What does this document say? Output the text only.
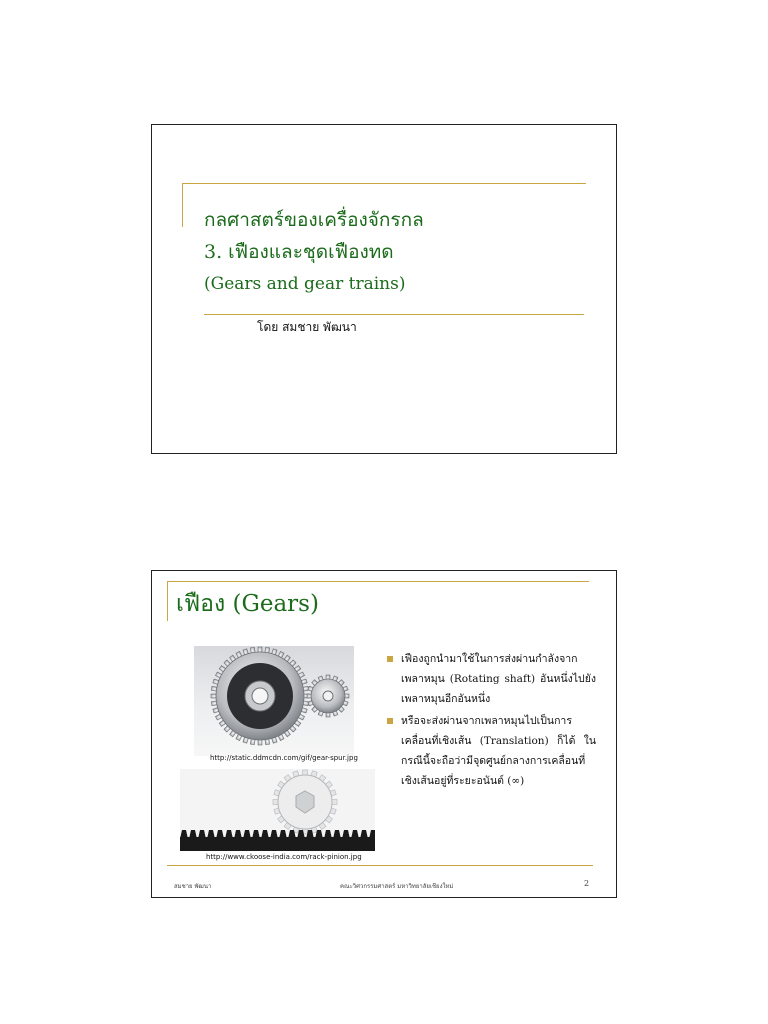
กลศาสตร์ของเครื่องจักรกล
3. เฟืองและชุดเฟืองทด
(Gears and gear trains)
โดย สมชาย พัฒนา
เฟือง (Gears)
http://static.ddmcdn.com/gif/gear-spur.jpg
http://www.ckoose-india.com/rack-pinion.jpg
เฟืองถูกนำมาใช้ในการส่งผ่านกำลังจากเพลาหมุน (Rotating shaft) อันหนึ่งไปยังเพลาหมุนอีกอันหนึ่ง
หรือจะส่งผ่านจากเพลาหมุนไปเป็นการเคลื่อนที่เชิงเส้น (Translation) ก็ได้ ในกรณีนี้จะถือว่ามีจุดศูนย์กลางการเคลื่อนที่เชิงเส้นอยู่ที่ระยะอนันต์ (∞)
สมชาย พัฒนา	คณะวิศวกรรมศาสตร์ มหาวิทยาลัยเชียงใหม่	2
